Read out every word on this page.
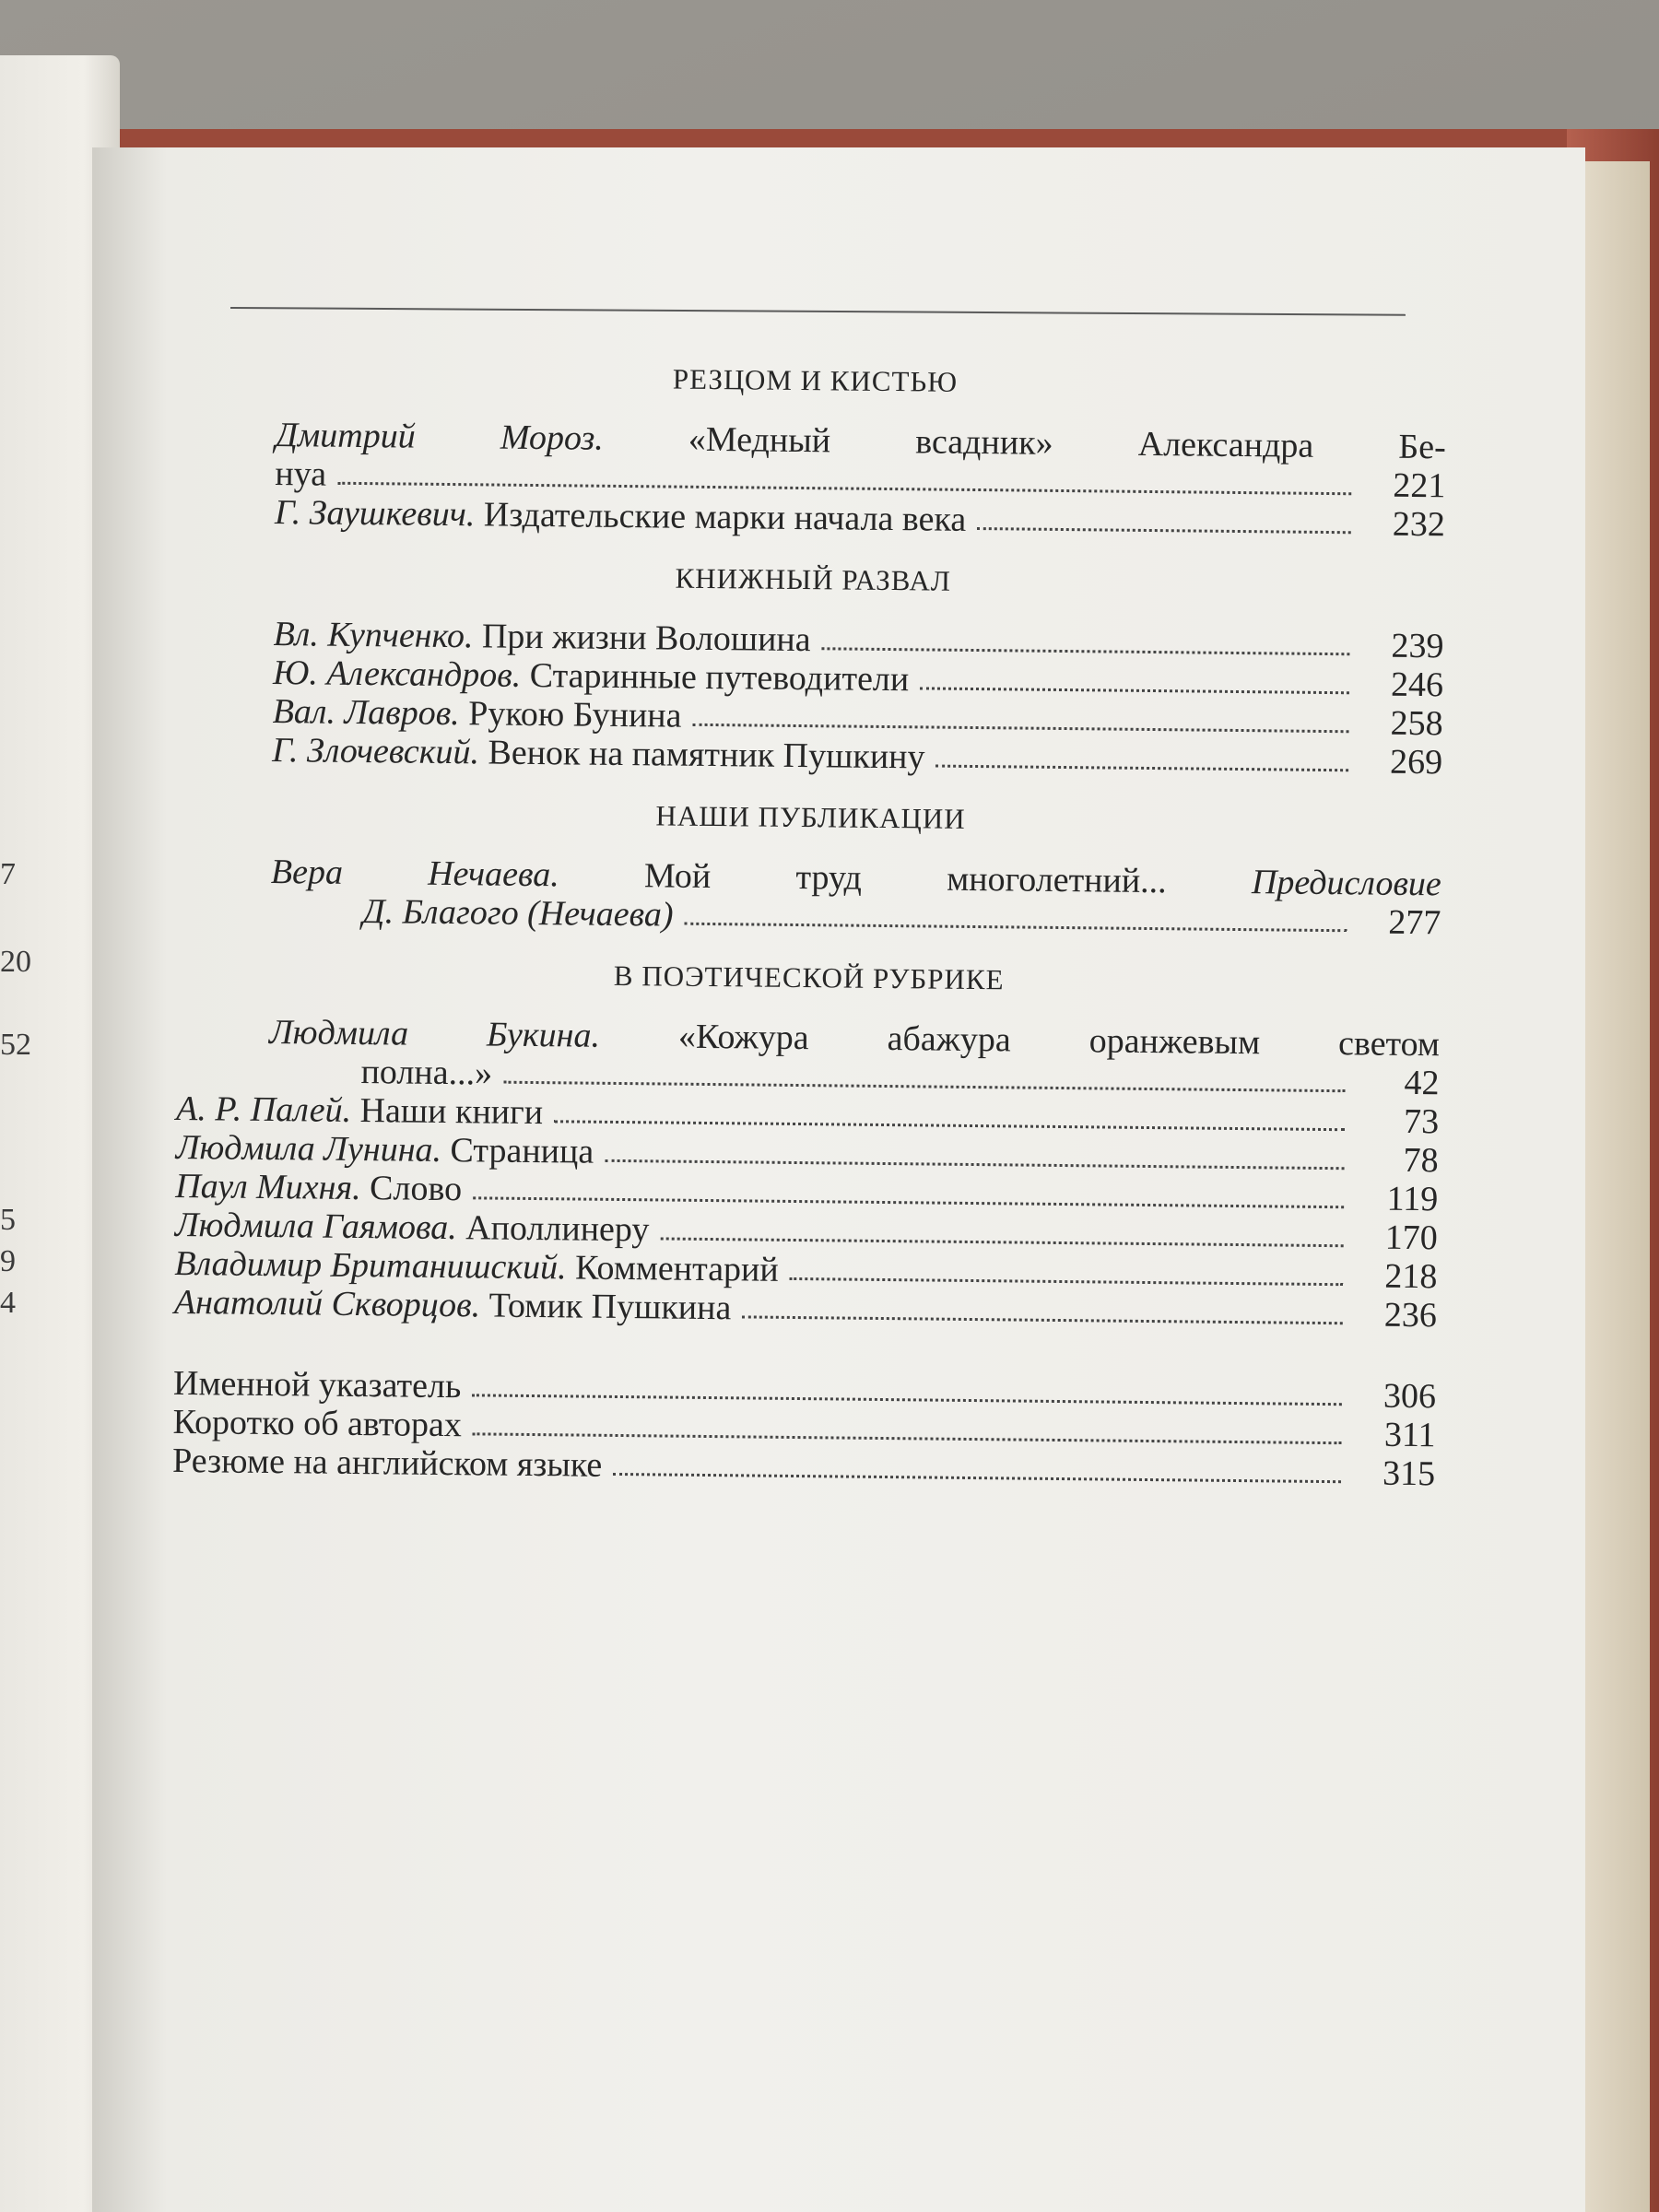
7
20
52
5
9
4
РЕЗЦОМ И КИСТЬЮ
Дмитрий Мороз. «Медный всадник» Александра Бе-
нуа	221
Г. Заушкевич. Издательские марки начала века	232
КНИЖНЫЙ РАЗВАЛ
Вл. Купченко. При жизни Волошина	239
Ю. Александров. Старинные путеводители	246
Вал. Лавров. Рукою Бунина	258
Г. Злочевский. Венок на памятник Пушкину	269
НАШИ ПУБЛИКАЦИИ
Вера Нечаева. Мой труд многолетний... Предисловие
Д. Благого (Нечаева)	277
В ПОЭТИЧЕСКОЙ РУБРИКЕ
Людмила Букина. «Кожура абажура оранжевым светом
полна...»	42
А. Р. Палей. Наши книги	73
Людмила Лунина. Страница	78
Паул Михня. Слово	119
Людмила Гаямова. Аполлинеру	170
Владимир Британишский. Комментарий	218
Анатолий Скворцов. Томик Пушкина	236
Именной указатель	306
Коротко об авторах	311
Резюме на английском языке	315
